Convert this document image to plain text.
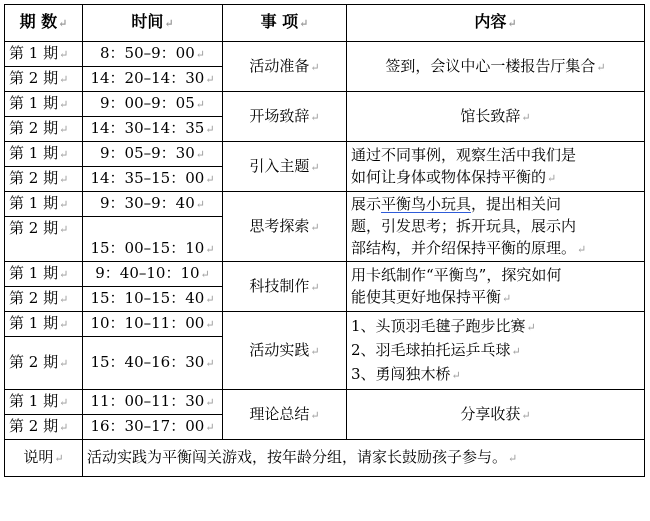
期 数↵	时间↵	事 项↵	内容↵
第 1 期↵	8：50–9：00↵	活动准备↵	签到，会议中心一楼报告厅集合↵
第 2 期↵	14：20–14：30↵		
第 1 期↵	9：00–9：05↵	开场致辞↵	馆长致辞↵
第 2 期↵	14：30–14：35↵		
第 1 期↵	9：05–9：30↵	引入主题↵	通过不同事例，观察生活中我们是
如何让身体或物体保持平衡的↵

第 2 期↵	14：35–15：00↵		
第 1 期↵	9：30–9：40↵	思考探索↵	展示平衡鸟小玩具，提出相关问
题，引发思考；拆开玩具，展示内
部结构，并介绍保持平衡的原理。↵

第 2 期↵	15：00–15：10↵		
第 1 期↵	9：40–10：10↵	科技制作↵	用卡纸制作“平衡鸟”，探究如何
能使其更好地保持平衡↵

第 2 期↵	15：10–15：40↵		
第 1 期↵	10：10–11：00↵	活动实践↵	1、头顶羽毛毽子跑步比赛↵
2、羽毛球拍托运乒乓球↵
3、勇闯独木桥↵

第 2 期↵	15：40–16：30↵		
第 1 期↵	11：00–11：30↵	理论总结↵	分享收获↵
第 2 期↵	16：30–17：00↵		
说明↵	活动实践为平衡闯关游戏，按年龄分组，请家长鼓励孩子参与。↵		
